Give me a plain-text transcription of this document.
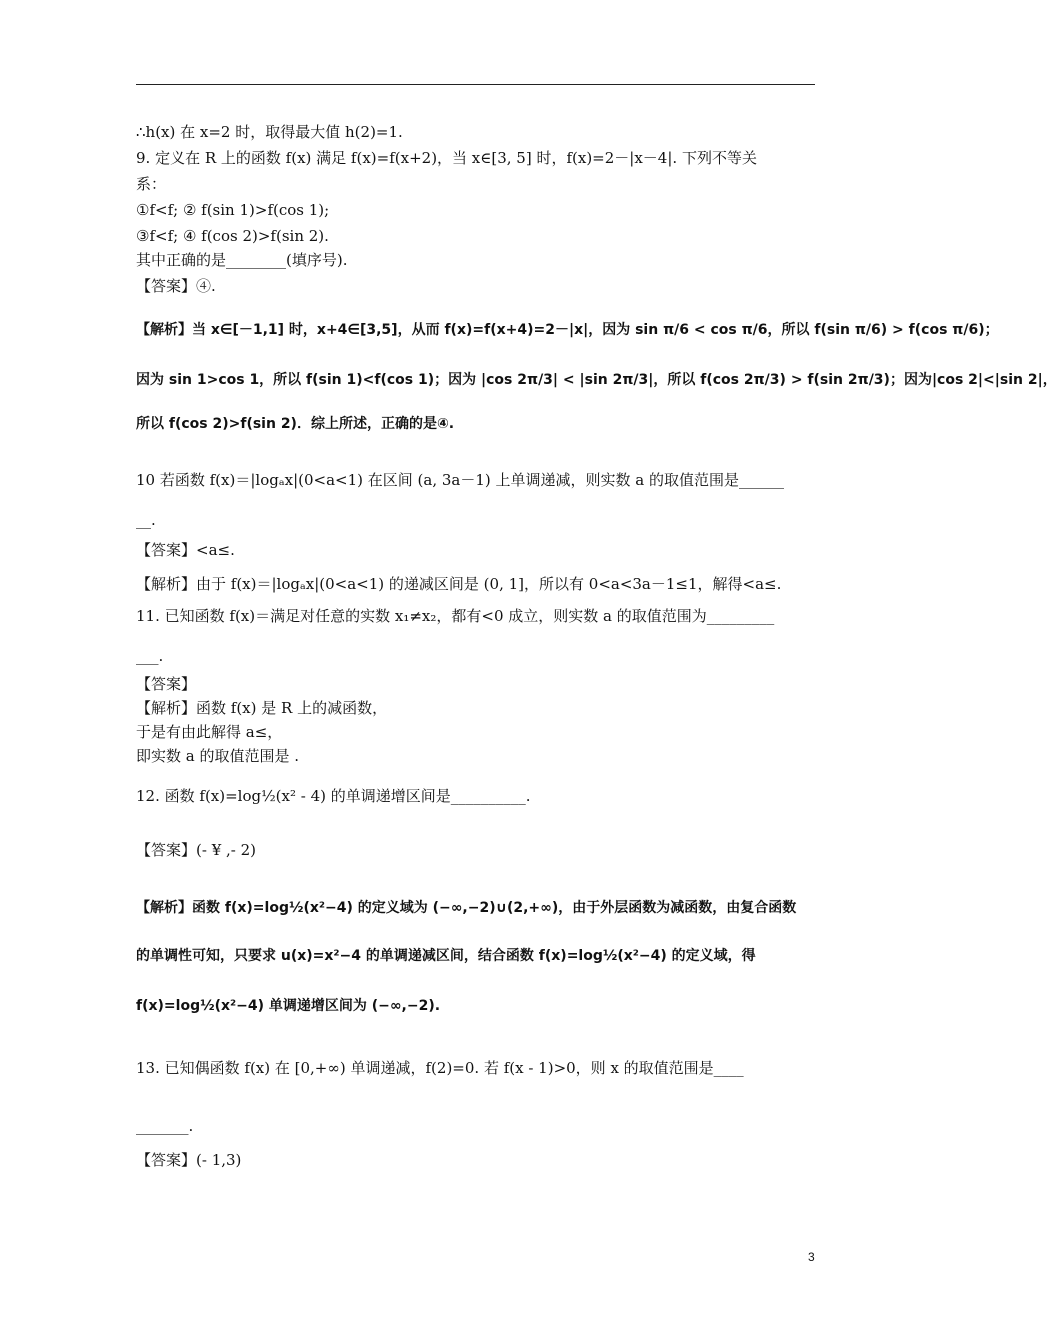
∴h(x) 在 x=2 时，取得最大值 h(2)=1.
9. 定义在 R 上的函数 f(x) 满足 f(x)=f(x+2)，当 x∈[3, 5] 时，f(x)=2－|x－4|. 下列不等关
系：
①f<f; ② f(sin 1)>f(cos 1);
③f<f; ④ f(cos 2)>f(sin 2).
其中正确的是________(填序号).
【答案】④.
【解析】当 x∈[－1,1] 时，x+4∈[3,5]，从而 f(x)=f(x+4)=2－|x|，因为 sin π/6 < cos π/6，所以 f(sin π/6) > f(cos π/6)；
因为 sin 1>cos 1，所以 f(sin 1)<f(cos 1)；因为 |cos 2π/3| < |sin 2π/3|，所以 f(cos 2π/3) > f(sin 2π/3)；因为|cos 2|<|sin 2|，
所以 f(cos 2)>f(sin 2)．综上所述，正确的是④.
10 若函数 f(x)＝|logₐx|(0<a<1) 在区间 (a, 3a－1) 上单调递减，则实数 a 的取值范围是______
__.
【答案】<a≤.
【解析】由于 f(x)＝|logₐx|(0<a<1) 的递减区间是 (0, 1]，所以有 0<a<3a－1≤1，解得<a≤.
11. 已知函数 f(x)＝满足对任意的实数 x₁≠x₂，都有<0 成立，则实数 a 的取值范围为_________
___.
【答案】
【解析】函数 f(x) 是 R 上的减函数，
于是有由此解得 a≤，
即实数 a 的取值范围是 .
12. 函数 f(x)=log½(x² - 4) 的单调递增区间是__________.
【答案】(- ¥ ,- 2)
【解析】函数 f(x)=log½(x²−4) 的定义域为 (−∞,−2)∪(2,+∞)，由于外层函数为减函数，由复合函数
的单调性可知，只要求 u(x)=x²−4 的单调递减区间，结合函数 f(x)=log½(x²−4) 的定义域，得
f(x)=log½(x²−4) 单调递增区间为 (−∞,−2).
13. 已知偶函数 f(x) 在 [0,+∞) 单调递减，f(2)=0. 若 f(x - 1)>0，则 x 的取值范围是____
_______.
【答案】(- 1,3)
3
